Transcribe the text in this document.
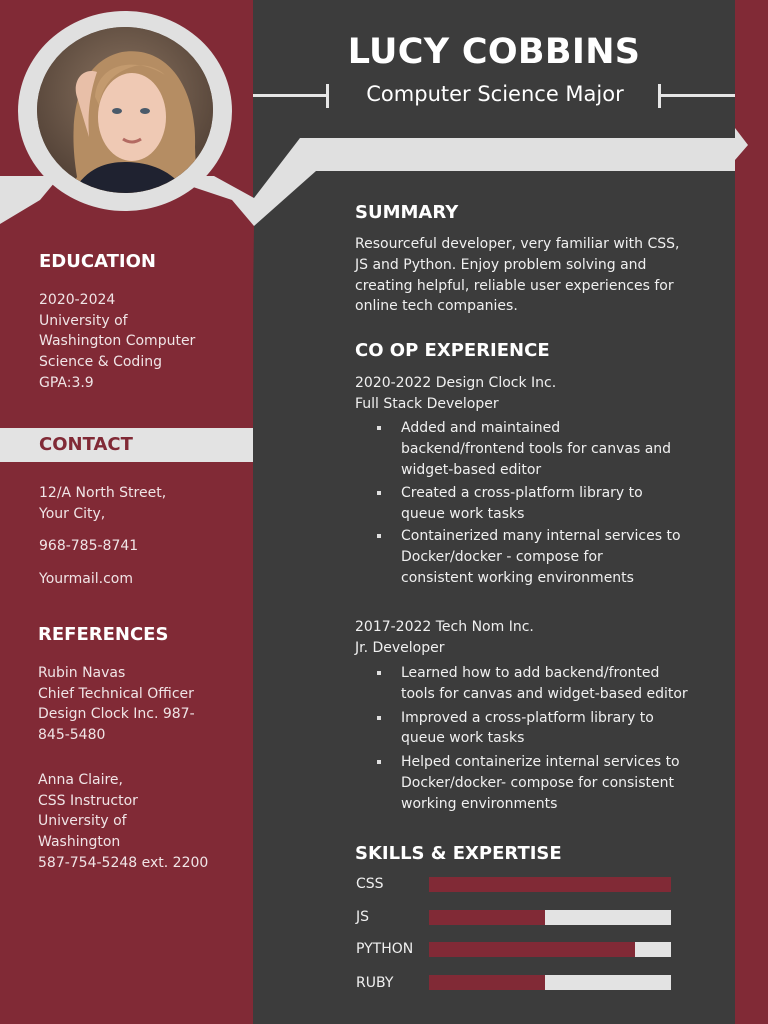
LUCY COBBINS
Computer Science Major
EDUCATION
2020-2024
University of
Washington Computer
Science & Coding
GPA:3.9
CONTACT
12/A North Street,
Your City,
968-785-8741
Yourmail.com
REFERENCES
Rubin Navas
Chief Technical Officer
Design Clock Inc. 987-
845-5480
Anna Claire,
CSS Instructor
University of
Washington
587-754-5248 ext. 2200
SUMMARY
Resourceful developer, very familiar with CSS,
JS and Python. Enjoy problem solving and
creating helpful, reliable user experiences for
online tech companies.
CO OP EXPERIENCE
2020-2022 Design Clock Inc.
Full Stack Developer
Added and maintained
backend/frontend tools for canvas and
widget-based editor
Created a cross-platform library to
queue work tasks
Containerized many internal services to
Docker/docker - compose for
consistent working environments
2017-2022 Tech Nom Inc.
Jr. Developer
Learned how to add backend/fronted
tools for canvas and widget-based editor
Improved a cross-platform library to
queue work tasks
Helped containerize internal services to
Docker/docker- compose for consistent
working environments
SKILLS & EXPERTISE
CSS
JS
PYTHON
RUBY
